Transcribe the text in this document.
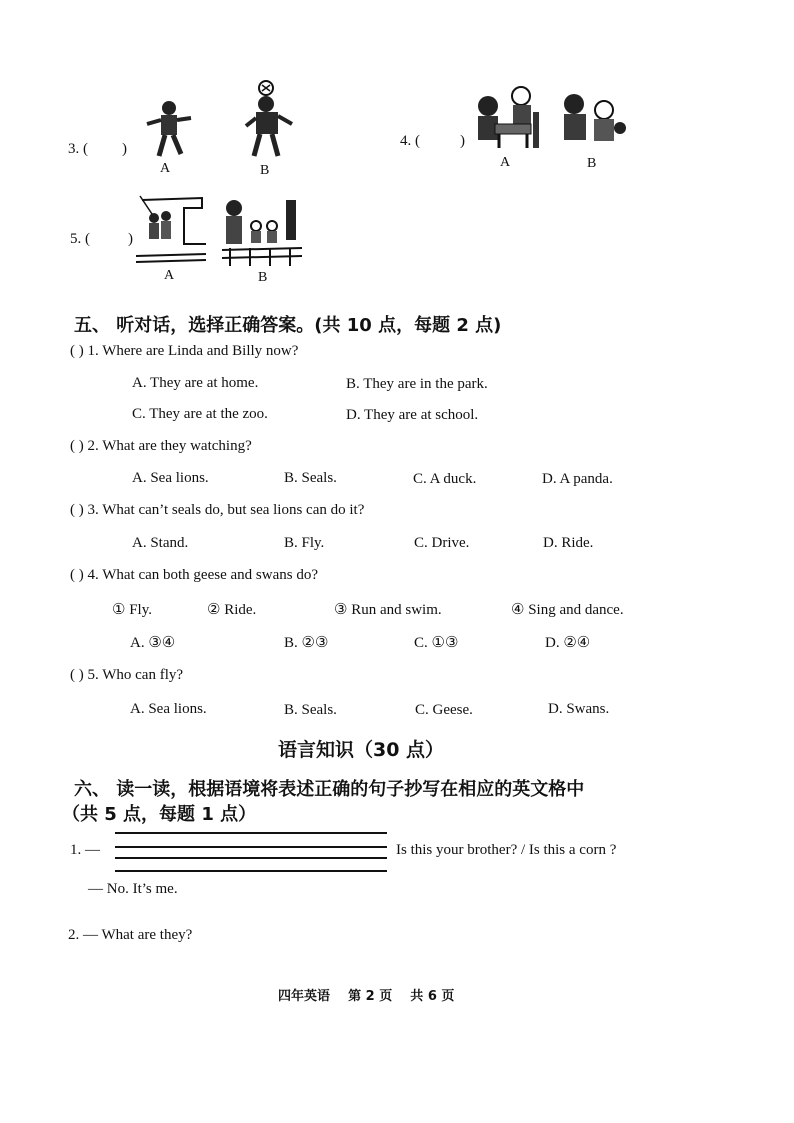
3. ( )
A	B
4. (	)
A	B
5. (	)
A	B
五、 听对话，选择正确答案。(共 10 点，每题 2 点)
( ) 1. Where are Linda and Billy now?
A. They are at home.	B. They are in the park.
C. They are at the zoo.	D. They are at school.
( ) 2. What are they watching?
A. Sea lions.	B. Seals.	C. A duck.	D. A panda.
( ) 3. What can’t seals do, but sea lions can do it?
A. Stand.	B. Fly.	C. Drive.	D. Ride.
( ) 4. What can both geese and swans do?
① Fly.	② Ride.	③ Run and swim.	④ Sing and dance.
A. ③④	B. ②③	C. ①③	D. ②④
( ) 5. Who can fly?
A. Sea lions.	B. Seals.	C. Geese.	D. Swans.
语言知识（30 点）
六、 读一读，根据语境将表述正确的句子抄写在相应的英文格中
（共 5 点，每题 1 点）
1. —	Is this your brother? / Is this a corn ?
— No. It’s me.
2. — What are they?
四年英语    第 2 页    共 6 页
